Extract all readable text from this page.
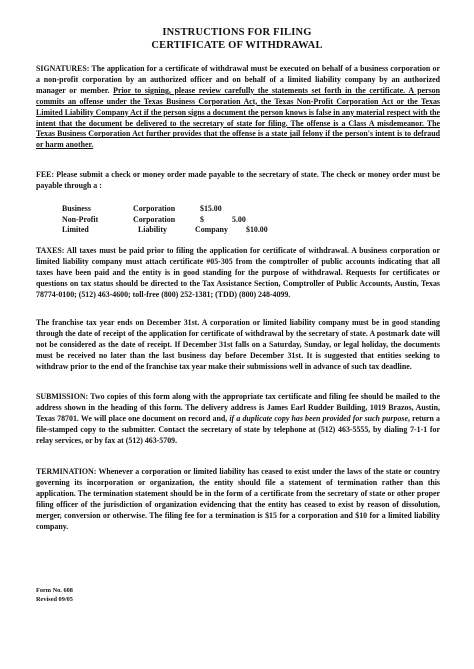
INSTRUCTIONS FOR FILING
CERTIFICATE OF WITHDRAWAL

SIGNATURES: The application for a certificate of withdrawal must be executed on behalf of a business corporation or a non-profit corporation by an authorized officer and on behalf of a limited liability company by an authorized manager or member. Prior to signing, please review carefully the statements set forth in the certificate. A person commits an offense under the Texas Business Corporation Act, the Texas Non-Profit Corporation Act or the Texas Limited Liability Company Act if the person signs a document the person knows is false in any material respect with the intent that the document be delivered to the secretary of state for filing. The offense is a Class A misdemeanor. The Texas Business Corporation Act further provides that the offense is a state jail felony if the person's intent is to defraud or harm another.

FEE: Please submit a check or money order made payable to the secretary of state. The check or money order must be payable through a :

Business	Corporation	$15.00
Non-Profit	Corporation	$	5.00
Limited	Liability	Company $10.00

TAXES: All taxes must be paid prior to filing the application for certificate of withdrawal. A business corporation or limited liability company must attach certificate #05-305 from the comptroller of public accounts indicating that all taxes have been paid and the entity is in good standing for the purpose of withdrawal. Requests for certificates or questions on tax status should be directed to the Tax Assistance Section, Comptroller of Public Accounts, Austin, Texas 78774-0100; (512) 463-4600; toll-free (800) 252-1381; (TDD) (800) 248-4099.

The franchise tax year ends on December 31st. A corporation or limited liability company must be in good standing through the date of receipt of the application for certificate of withdrawal by the secretary of state. A postmark date will not be considered as the date of receipt. If December 31st falls on a Saturday, Sunday, or legal holiday, the documents must be received no later than the last business day before December 31st. It is suggested that entities seeking to withdraw prior to the end of the franchise tax year make their submissions well in advance of such tax deadline.

SUBMISSION: Two copies of this form along with the appropriate tax certificate and filing fee should be mailed to the address shown in the heading of this form. The delivery address is James Earl Rudder Building, 1019 Brazos, Austin, Texas 78701. We will place one document on record and, if a duplicate copy has been provided for such purpose, return a file-stamped copy to the submitter. Contact the secretary of state by telephone at (512) 463-5555, by dialing 7-1-1 for relay services, or by fax at (512) 463-5709.

TERMINATION: Whenever a corporation or limited liability has ceased to exist under the laws of the state or country governing its incorporation or organization, the entity should file a statement of termination rather than this application. The termination statement should be in the form of a certificate from the secretary of state or other proper filing officer of the jurisdiction of organization evidencing that the entity has ceased to exist by reason of dissolution, merger, conversion or otherwise. The filing fee for a termination is $15 for a corporation and $10 for a limited liability company.

Form No. 608
Revised 09/05
